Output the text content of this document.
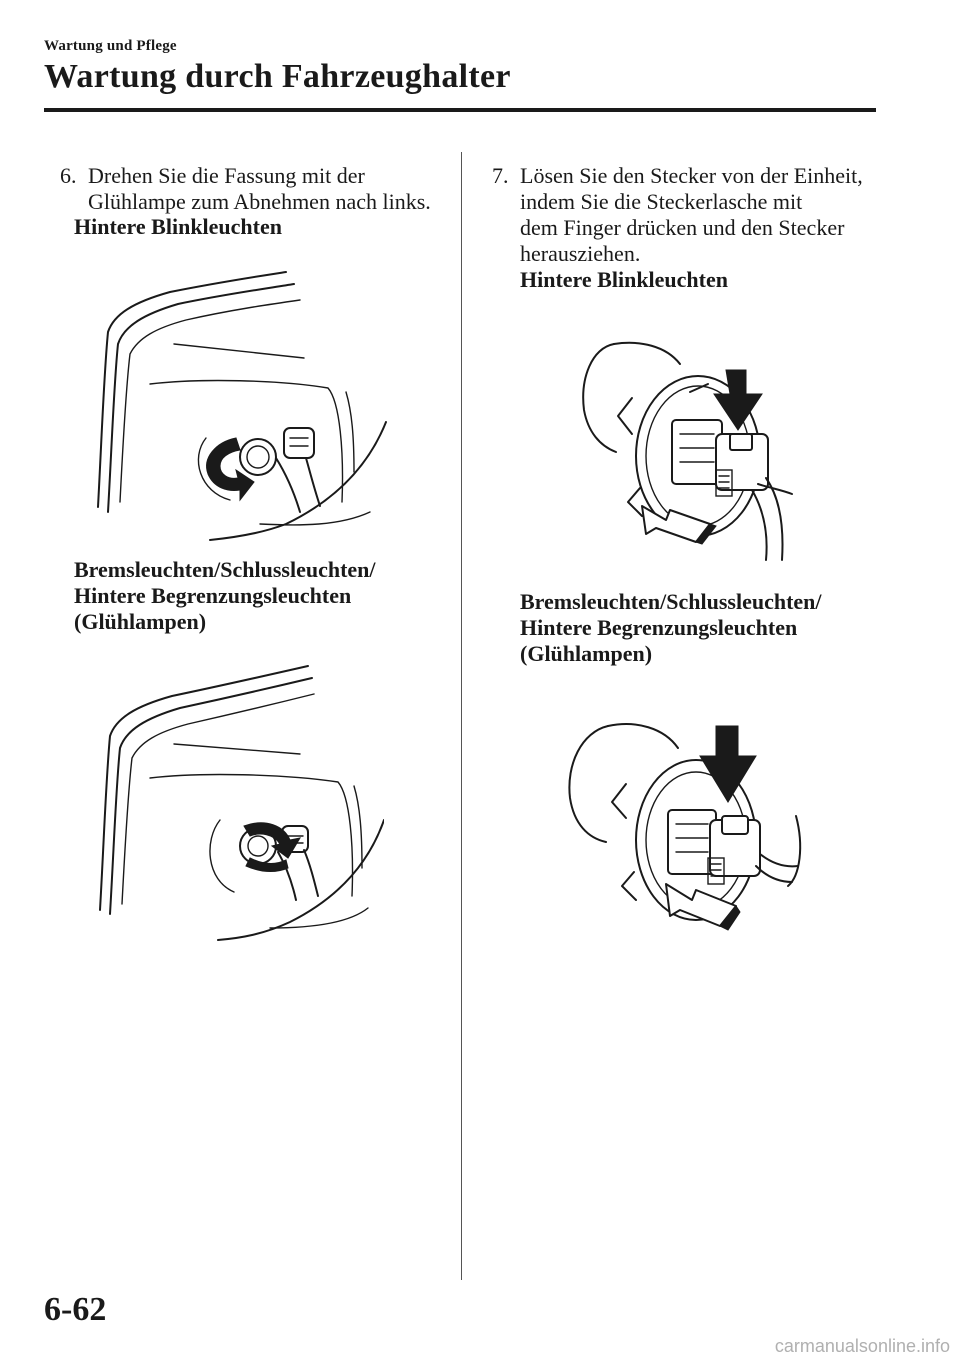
Wartung und Pflege
Wartung durch Fahrzeughalter
6. Drehen Sie die Fassung mit der
Glühlampe zum Abnehmen nach links.
Hintere Blinkleuchten
Bremsleuchten/Schlussleuchten/
Hintere Begrenzungsleuchten
(Glühlampen)
7. Lösen Sie den Stecker von der Einheit,
indem Sie die Steckerlasche mit
dem Finger drücken und den Stecker
herausziehen.
Hintere Blinkleuchten
Bremsleuchten/Schlussleuchten/
Hintere Begrenzungsleuchten
(Glühlampen)
6-62
carmanualsonline.info
